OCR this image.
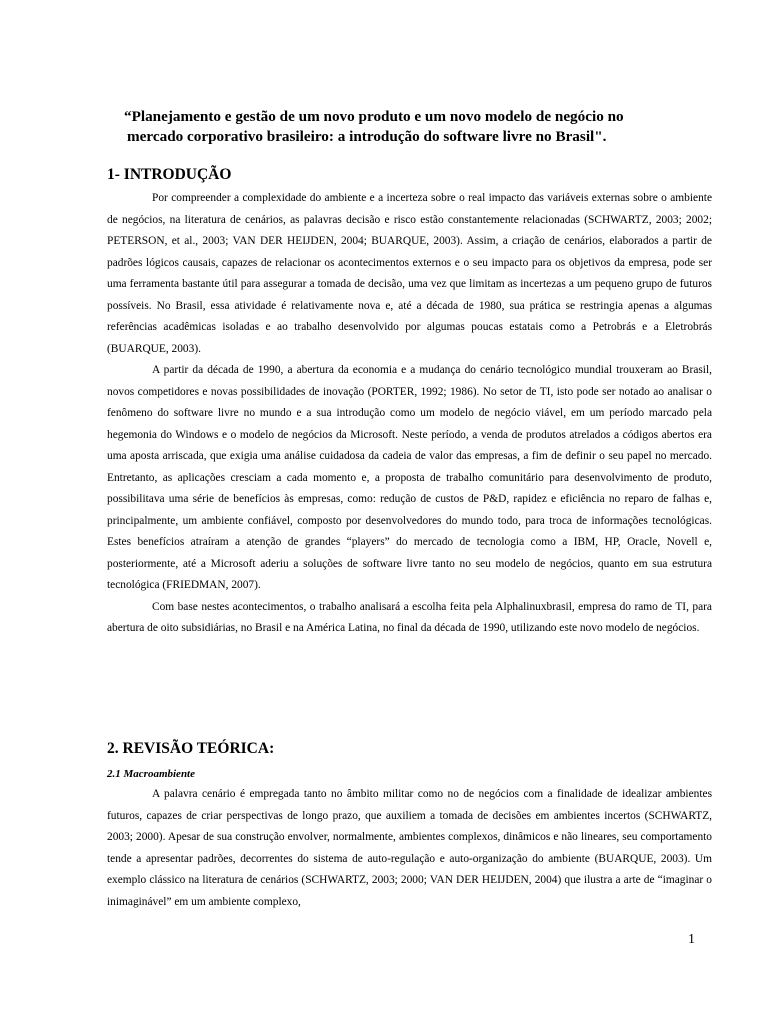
“Planejamento e gestão de um novo produto e um novo modelo de negócio no
mercado corporativo brasileiro: a introdução do software livre no Brasil".
1- INTRODUÇÃO

Por compreender a complexidade do ambiente e a incerteza sobre o real impacto das variáveis externas sobre o ambiente de negócios, na literatura de cenários, as palavras decisão e risco estão constantemente relacionadas (SCHWARTZ, 2003; 2002; PETERSON, et al., 2003; VAN DER HEIJDEN, 2004; BUARQUE, 2003). Assim, a criação de cenários, elaborados a partir de padrões lógicos causais, capazes de relacionar os acontecimentos externos e o seu impacto para os objetivos da empresa, pode ser uma ferramenta bastante útil para assegurar a tomada de decisão, uma vez que limitam as incertezas a um pequeno grupo de futuros possíveis. No Brasil, essa atividade é relativamente nova e, até a década de 1980, sua prática se restringia apenas a algumas referências acadêmicas isoladas e ao trabalho desenvolvido por algumas poucas estatais como a Petrobrás e a Eletrobrás (BUARQUE, 2003).

A partir da década de 1990, a abertura da economia e a mudança do cenário tecnológico mundial trouxeram ao Brasil, novos competidores e novas possibilidades de inovação (PORTER, 1992; 1986). No setor de TI, isto pode ser notado ao analisar o fenômeno do software livre no mundo e a sua introdução como um modelo de negócio viável, em um período marcado pela hegemonia do Windows e o modelo de negócios da Microsoft. Neste período, a venda de produtos atrelados a códigos abertos era uma aposta arriscada, que exigia uma análise cuidadosa da cadeia de valor das empresas, a fim de definir o seu papel no mercado. Entretanto, as aplicações cresciam a cada momento e, a proposta de trabalho comunitário para desenvolvimento de produto, possibilitava uma série de benefícios às empresas, como: redução de custos de P&D, rapidez e eficiência no reparo de falhas e, principalmente, um ambiente confiável, composto por desenvolvedores do mundo todo, para troca de informações tecnológicas. Estes benefícios atraíram a atenção de grandes “players” do mercado de tecnologia como a IBM, HP, Oracle, Novell e, posteriormente, até a Microsoft aderiu a soluções de software livre tanto no seu modelo de negócios, quanto em sua estrutura tecnológica (FRIEDMAN, 2007).

Com base nestes acontecimentos, o trabalho analisará a escolha feita pela Alphalinuxbrasil, empresa do ramo de TI, para abertura de oito subsidiárias, no Brasil e na América Latina, no final da década de 1990, utilizando este novo modelo de negócios.

2. REVISÃO TEÓRICA:
2.1 Macroambiente

A palavra cenário é empregada tanto no âmbito militar como no de negócios com a finalidade de idealizar ambientes futuros, capazes de criar perspectivas de longo prazo, que auxiliem a tomada de decisões em ambientes incertos (SCHWARTZ, 2003; 2000). Apesar de sua construção envolver, normalmente, ambientes complexos, dinâmicos e não lineares, seu comportamento tende a apresentar padrões, decorrentes do sistema de auto-regulação e auto-organização do ambiente (BUARQUE, 2003). Um exemplo clássico na literatura de cenários (SCHWARTZ, 2003; 2000; VAN DER HEIJDEN, 2004) que ilustra a arte de “imaginar o inimaginável” em um ambiente complexo,

1
